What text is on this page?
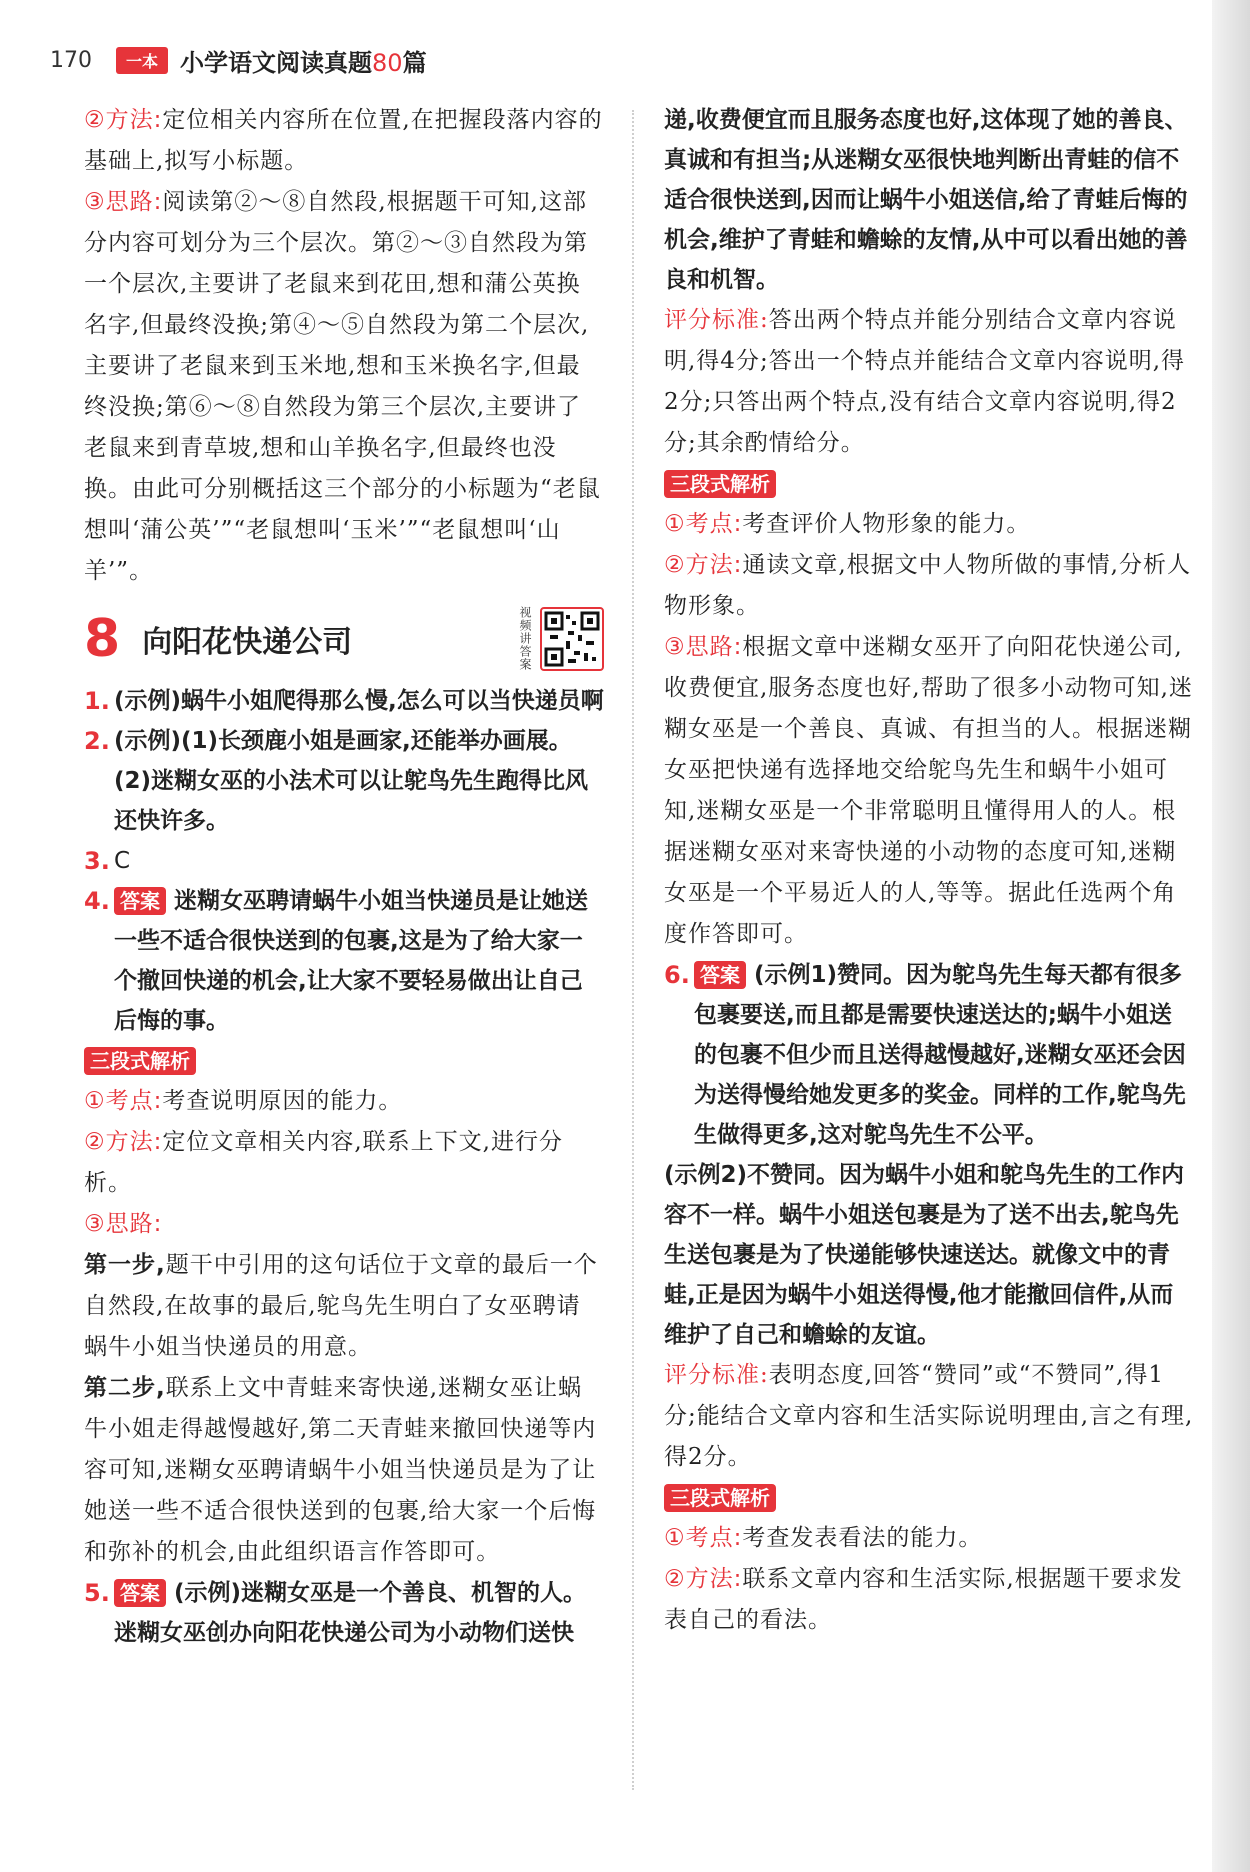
170	一本 小学语文阅读真题80篇

②方法:定位相关内容所在位置,在把握段落内容的基础上,拟写小标题。

③思路:阅读第②～⑧自然段,根据题干可知,这部分内容可划分为三个层次。第②～③自然段为第一个层次,主要讲了老鼠来到花田,想和蒲公英换名字,但最终没换;第④～⑤自然段为第二个层次,主要讲了老鼠来到玉米地,想和玉米换名字,但最终没换;第⑥～⑧自然段为第三个层次,主要讲了老鼠来到青草坡,想和山羊换名字,但最终也没换。由此可分别概括这三个部分的小标题为“老鼠想叫‘蒲公英’”“老鼠想叫‘玉米’”“老鼠想叫‘山羊’”。

8 向阳花快递公司	视频讲答案
1. (示例)蜗牛小姐爬得那么慢,怎么可以当快递员啊
2. (示例)(1)长颈鹿小姐是画家,还能举办画展。
(2)迷糊女巫的小法术可以让鸵鸟先生跑得比风还快许多。
3. C
4. 答案 迷糊女巫聘请蜗牛小姐当快递员是让她送一些不适合很快送到的包裹,这是为了给大家一个撤回快递的机会,让大家不要轻易做出让自己后悔的事。
三段式解析

①考点:考查说明原因的能力。

②方法:定位文章相关内容,联系上下文,进行分析。

③思路:

第一步,题干中引用的这句话位于文章的最后一个自然段,在故事的最后,鸵鸟先生明白了女巫聘请蜗牛小姐当快递员的用意。

第二步,联系上文中青蛙来寄快递,迷糊女巫让蜗牛小姐走得越慢越好,第二天青蛙来撤回快递等内容可知,迷糊女巫聘请蜗牛小姐当快递员是为了让她送一些不适合很快送到的包裹,给大家一个后悔和弥补的机会,由此组织语言作答即可。

5. 答案 (示例)迷糊女巫是一个善良、机智的人。迷糊女巫创办向阳花快递公司为小动物们送快

递,收费便宜而且服务态度也好,这体现了她的善良、真诚和有担当;从迷糊女巫很快地判断出青蛙的信不适合很快送到,因而让蜗牛小姐送信,给了青蛙后悔的机会,维护了青蛙和蟾蜍的友情,从中可以看出她的善良和机智。

评分标准:答出两个特点并能分别结合文章内容说明,得4分;答出一个特点并能结合文章内容说明,得2分;只答出两个特点,没有结合文章内容说明,得2分;其余酌情给分。

三段式解析

①考点:考查评价人物形象的能力。

②方法:通读文章,根据文中人物所做的事情,分析人物形象。

③思路:根据文章中迷糊女巫开了向阳花快递公司,收费便宜,服务态度也好,帮助了很多小动物可知,迷糊女巫是一个善良、真诚、有担当的人。根据迷糊女巫把快递有选择地交给鸵鸟先生和蜗牛小姐可知,迷糊女巫是一个非常聪明且懂得用人的人。根据迷糊女巫对来寄快递的小动物的态度可知,迷糊女巫是一个平易近人的人,等等。据此任选两个角度作答即可。

6. 答案 (示例1)赞同。因为鸵鸟先生每天都有很多包裹要送,而且都是需要快速送达的;蜗牛小姐送的包裹不但少而且送得越慢越好,迷糊女巫还会因为送得慢给她发更多的奖金。同样的工作,鸵鸟先生做得更多,这对鸵鸟先生不公平。

(示例2)不赞同。因为蜗牛小姐和鸵鸟先生的工作内容不一样。蜗牛小姐送包裹是为了送不出去,鸵鸟先生送包裹是为了快递能够快速送达。就像文中的青蛙,正是因为蜗牛小姐送得慢,他才能撤回信件,从而维护了自己和蟾蜍的友谊。

评分标准:表明态度,回答“赞同”或“不赞同”,得1分;能结合文章内容和生活实际说明理由,言之有理,得2分。

三段式解析

①考点:考查发表看法的能力。

②方法:联系文章内容和生活实际,根据题干要求发表自己的看法。
